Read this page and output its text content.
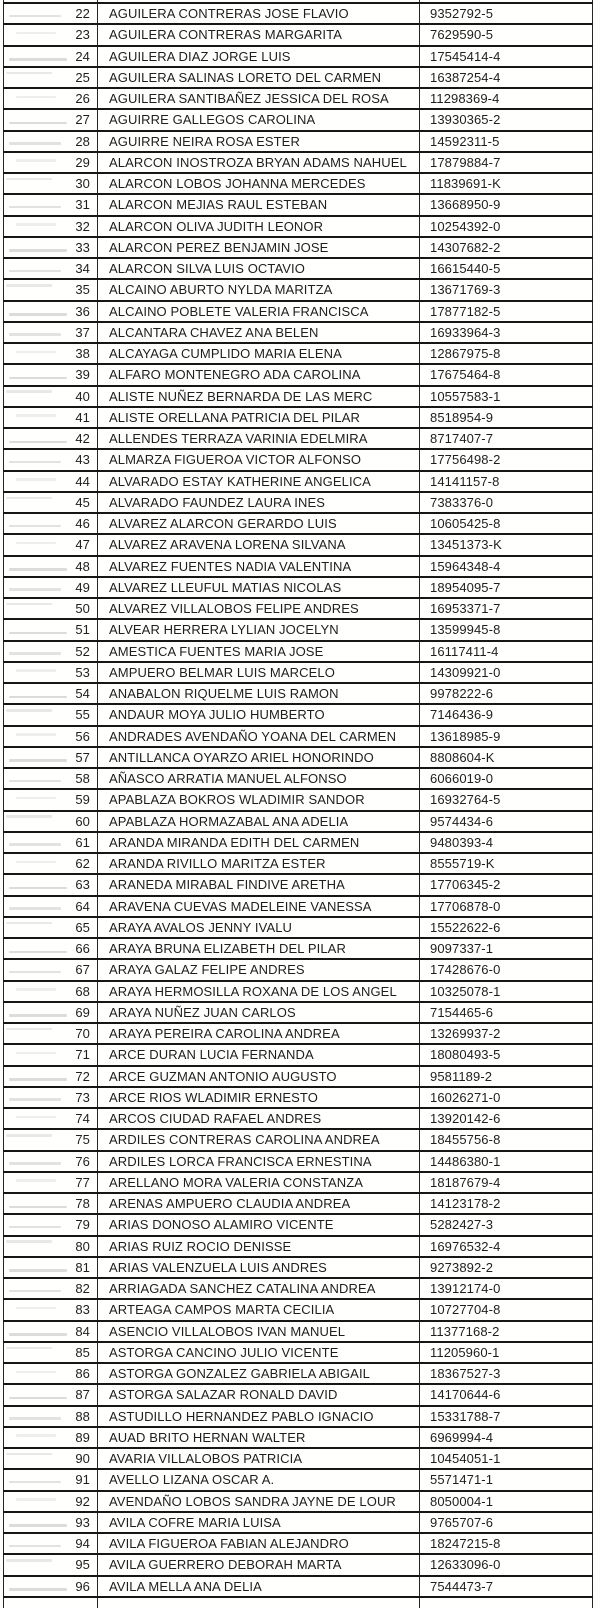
22	AGUILERA CONTRERAS JOSE FLAVIO	9352792-5
23	AGUILERA CONTRERAS MARGARITA	7629590-5
24	AGUILERA DIAZ JORGE LUIS	17545414-4
25	AGUILERA SALINAS LORETO DEL CARMEN	16387254-4
26	AGUILERA SANTIBAÑEZ JESSICA DEL ROSA	11298369-4
27	AGUIRRE GALLEGOS CAROLINA	13930365-2
28	AGUIRRE NEIRA ROSA ESTER	14592311-5
29	ALARCON INOSTROZA BRYAN ADAMS NAHUEL	17879884-7
30	ALARCON LOBOS JOHANNA MERCEDES	11839691-K
31	ALARCON MEJIAS RAUL ESTEBAN	13668950-9
32	ALARCON OLIVA JUDITH LEONOR	10254392-0
33	ALARCON PEREZ BENJAMIN JOSE	14307682-2
34	ALARCON SILVA LUIS OCTAVIO	16615440-5
35	ALCAINO ABURTO NYLDA MARITZA	13671769-3
36	ALCAINO POBLETE VALERIA FRANCISCA	17877182-5
37	ALCANTARA CHAVEZ ANA BELEN	16933964-3
38	ALCAYAGA CUMPLIDO MARIA ELENA	12867975-8
39	ALFARO MONTENEGRO ADA CAROLINA	17675464-8
40	ALISTE NUÑEZ BERNARDA DE LAS MERC	10557583-1
41	ALISTE ORELLANA PATRICIA DEL PILAR	8518954-9
42	ALLENDES TERRAZA VARINIA EDELMIRA	8717407-7
43	ALMARZA FIGUEROA VICTOR ALFONSO	17756498-2
44	ALVARADO ESTAY KATHERINE ANGELICA	14141157-8
45	ALVARADO FAUNDEZ LAURA INES	7383376-0
46	ALVAREZ ALARCON GERARDO LUIS	10605425-8
47	ALVAREZ ARAVENA LORENA SILVANA	13451373-K
48	ALVAREZ FUENTES NADIA VALENTINA	15964348-4
49	ALVAREZ LLEUFUL MATIAS NICOLAS	18954095-7
50	ALVAREZ VILLALOBOS FELIPE ANDRES	16953371-7
51	ALVEAR HERRERA LYLIAN JOCELYN	13599945-8
52	AMESTICA FUENTES MARIA JOSE	16117411-4
53	AMPUERO BELMAR LUIS MARCELO	14309921-0
54	ANABALON RIQUELME LUIS RAMON	9978222-6
55	ANDAUR MOYA JULIO HUMBERTO	7146436-9
56	ANDRADES AVENDAÑO YOANA DEL CARMEN	13618985-9
57	ANTILLANCA OYARZO ARIEL HONORINDO	8808604-K
58	AÑASCO ARRATIA MANUEL ALFONSO	6066019-0
59	APABLAZA BOKROS WLADIMIR SANDOR	16932764-5
60	APABLAZA HORMAZABAL ANA ADELIA	9574434-6
61	ARANDA MIRANDA EDITH DEL CARMEN	9480393-4
62	ARANDA RIVILLO MARITZA ESTER	8555719-K
63	ARANEDA MIRABAL FINDIVE ARETHA	17706345-2
64	ARAVENA CUEVAS MADELEINE VANESSA	17706878-0
65	ARAYA AVALOS JENNY IVALU	15522622-6
66	ARAYA BRUNA ELIZABETH DEL PILAR	9097337-1
67	ARAYA GALAZ FELIPE ANDRES	17428676-0
68	ARAYA HERMOSILLA ROXANA DE LOS ANGEL	10325078-1
69	ARAYA NUÑEZ JUAN CARLOS	7154465-6
70	ARAYA PEREIRA CAROLINA ANDREA	13269937-2
71	ARCE DURAN LUCIA FERNANDA	18080493-5
72	ARCE GUZMAN ANTONIO AUGUSTO	9581189-2
73	ARCE RIOS WLADIMIR ERNESTO	16026271-0
74	ARCOS CIUDAD RAFAEL ANDRES	13920142-6
75	ARDILES CONTRERAS CAROLINA ANDREA	18455756-8
76	ARDILES LORCA FRANCISCA ERNESTINA	14486380-1
77	ARELLANO MORA VALERIA CONSTANZA	18187679-4
78	ARENAS AMPUERO CLAUDIA ANDREA	14123178-2
79	ARIAS DONOSO ALAMIRO VICENTE	5282427-3
80	ARIAS RUIZ ROCIO DENISSE	16976532-4
81	ARIAS VALENZUELA LUIS ANDRES	9273892-2
82	ARRIAGADA SANCHEZ CATALINA ANDREA	13912174-0
83	ARTEAGA CAMPOS MARTA CECILIA	10727704-8
84	ASENCIO VILLALOBOS IVAN MANUEL	11377168-2
85	ASTORGA CANCINO JULIO VICENTE	11205960-1
86	ASTORGA GONZALEZ GABRIELA ABIGAIL	18367527-3
87	ASTORGA SALAZAR RONALD DAVID	14170644-6
88	ASTUDILLO HERNANDEZ PABLO IGNACIO	15331788-7
89	AUAD BRITO HERNAN WALTER	6969994-4
90	AVARIA VILLALOBOS PATRICIA	10454051-1
91	AVELLO LIZANA OSCAR A.	5571471-1
92	AVENDAÑO LOBOS SANDRA JAYNE DE LOUR	8050004-1
93	AVILA COFRE MARIA LUISA	9765707-6
94	AVILA FIGUEROA FABIAN ALEJANDRO	18247215-8
95	AVILA GUERRERO DEBORAH MARTA	12633096-0
96	AVILA MELLA ANA DELIA	7544473-7
